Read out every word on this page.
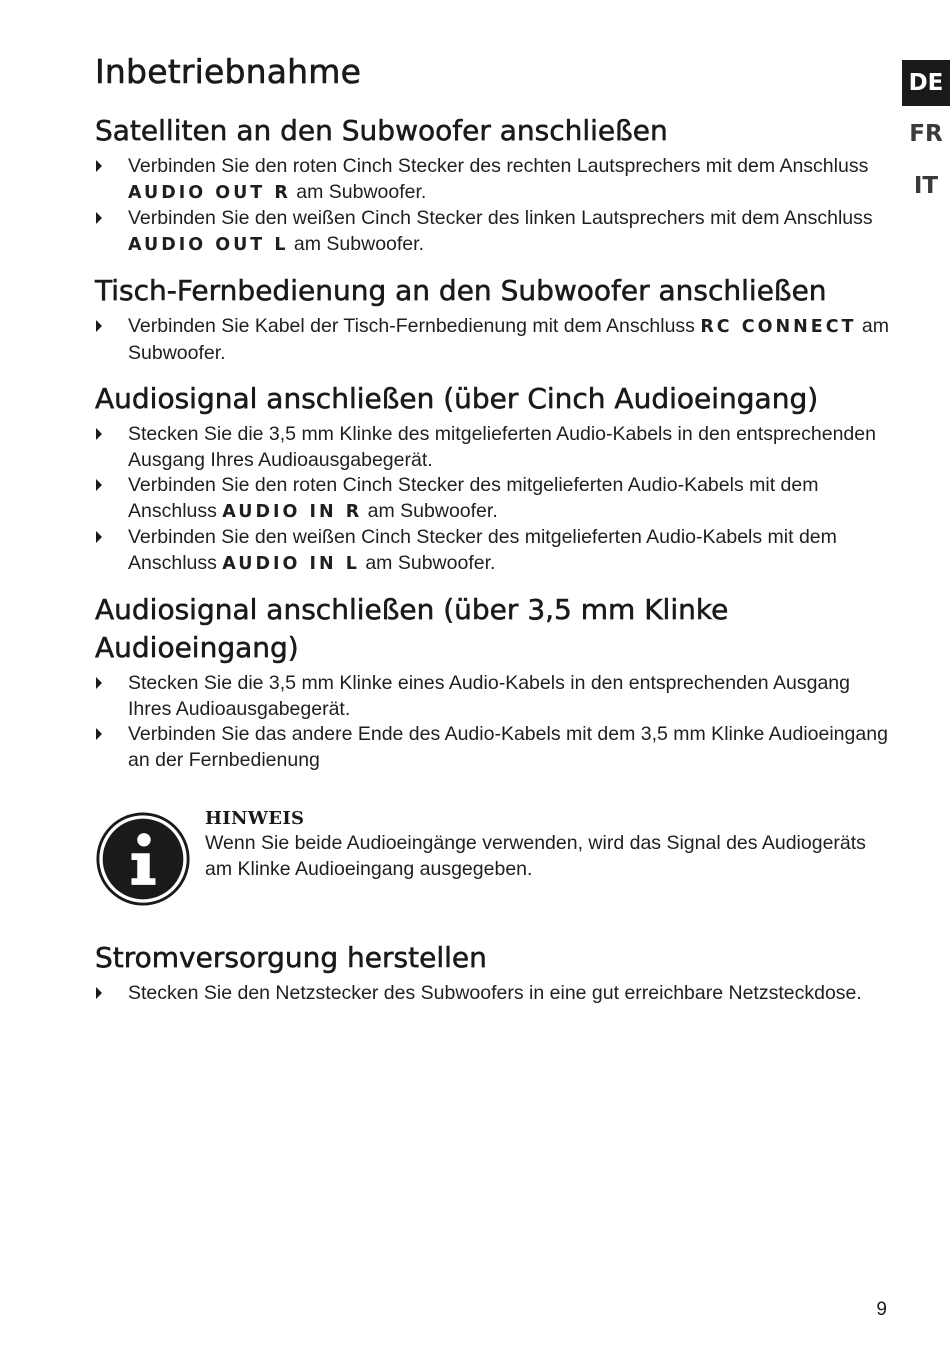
Inbetriebnahme	DE
FR
IT
Satelliten an den Subwoofer anschließen
Verbinden Sie den roten Cinch Stecker des rechten Lautsprechers mit dem Anschluss AUDIO OUT R am Subwoofer.
Verbinden Sie den weißen Cinch Stecker des linken Lautsprechers mit dem Anschluss AUDIO OUT L am Subwoofer.
Tisch-Fernbedienung an den Subwoofer anschließen
Verbinden Sie Kabel der Tisch-Fernbedienung mit dem Anschluss RC CONNECT am Subwoofer.
Audiosignal anschließen (über Cinch Audioeingang)
Stecken Sie die 3,5 mm Klinke des mitgelieferten Audio-Kabels in den entsprechenden Ausgang Ihres Audioausgabegerät.
Verbinden Sie den roten Cinch Stecker des mitgelieferten Audio-Kabels mit dem Anschluss AUDIO IN R am Subwoofer.
Verbinden Sie den weißen Cinch Stecker des mitgelieferten Audio-Kabels mit dem Anschluss AUDIO IN L am Subwoofer.
Audiosignal anschließen (über 3,5 mm Klinke Audioeingang)
Stecken Sie die 3,5 mm Klinke eines Audio-Kabels in den entsprechenden Ausgang Ihres Audioausgabegerät.
Verbinden Sie das andere Ende des Audio-Kabels mit dem 3,5 mm Klinke Audioeingang an der Fernbedienung
HINWEIS
Wenn Sie beide Audioeingänge verwenden, wird das Signal des Audiogeräts am Klinke Audioeingang ausgegeben.
Stromversorgung herstellen
Stecken Sie den Netzstecker des Subwoofers in eine gut erreichbare Netzsteckdose.
9
